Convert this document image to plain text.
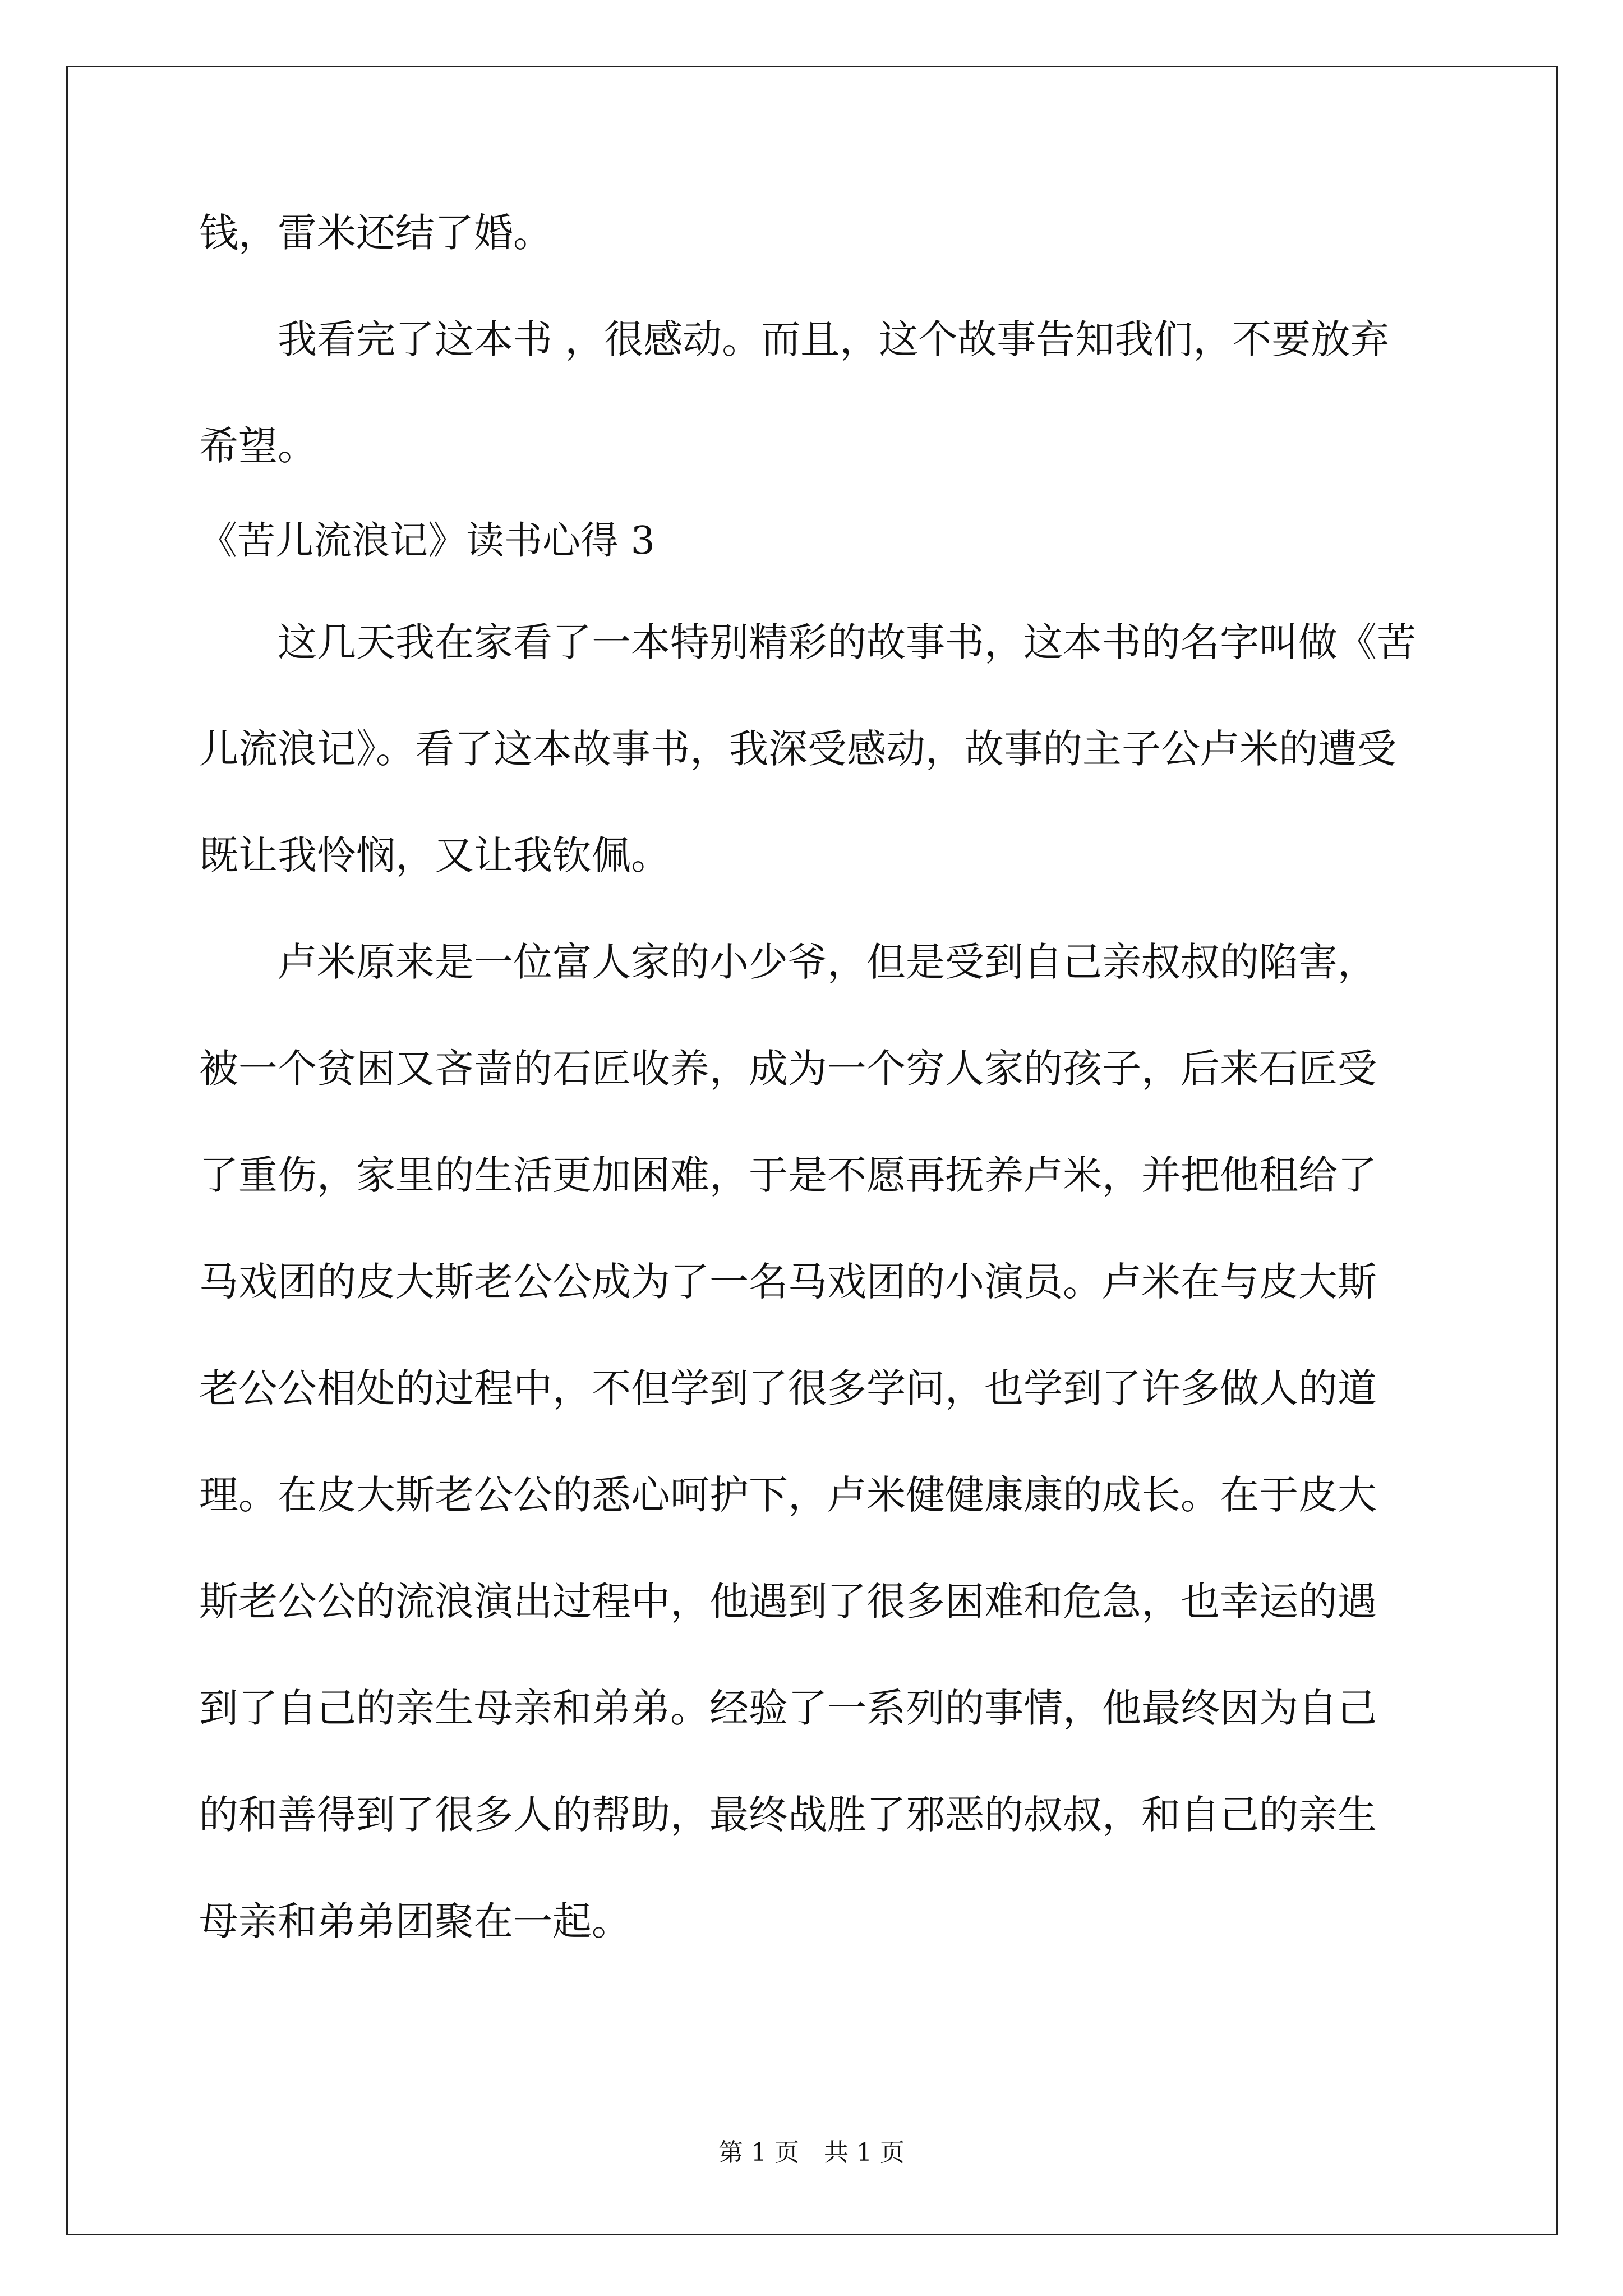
钱，雷米还结了婚。
　　我看完了这本书 ，很感动。而且，这个故事告知我们，不要放弃
希望。
《苦儿流浪记》读书心得 3
　　这几天我在家看了一本特别精彩的故事书，这本书的名字叫做《苦
儿流浪记》。看了这本故事书，我深受感动，故事的主子公卢米的遭受
既让我怜悯，又让我钦佩。
　　卢米原来是一位富人家的小少爷，但是受到自己亲叔叔的陷害，
被一个贫困又吝啬的石匠收养，成为一个穷人家的孩子，后来石匠受
了重伤，家里的生活更加困难，于是不愿再抚养卢米，并把他租给了
马戏团的皮大斯老公公成为了一名马戏团的小演员。卢米在与皮大斯
老公公相处的过程中，不但学到了很多学问，也学到了许多做人的道
理。在皮大斯老公公的悉心呵护下，卢米健健康康的成长。在于皮大
斯老公公的流浪演出过程中，他遇到了很多困难和危急，也幸运的遇
到了自己的亲生母亲和弟弟。经验了一系列的事情，他最终因为自己
的和善得到了很多人的帮助，最终战胜了邪恶的叔叔，和自己的亲生
母亲和弟弟团聚在一起。
第 1 页　共 1 页
